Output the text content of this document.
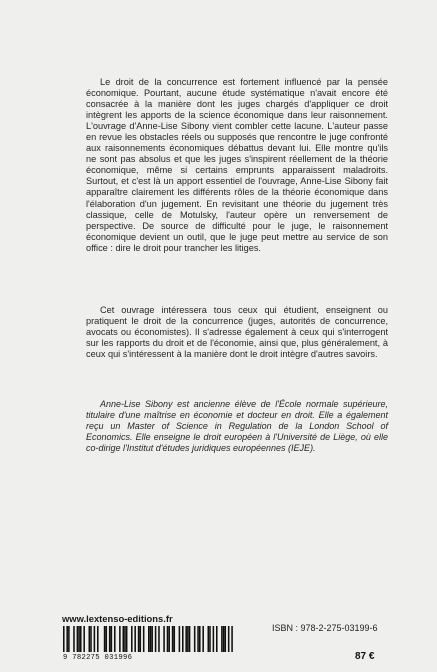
Le droit de la concurrence est fortement influencé par la pensée économique. Pourtant, aucune étude systématique n'avait encore été consacrée à la manière dont les juges chargés d'appliquer ce droit intègrent les apports de la science économique dans leur raisonnement. L'ouvrage d'Anne-Lise Sibony vient combler cette lacune. L'auteur passe en revue les obstacles réels ou supposés que rencontre le juge confronté aux raisonnements économiques débattus devant lui. Elle montre qu'ils ne sont pas absolus et que les juges s'inspirent réellement de la théorie économique, même si certains emprunts apparaissent maladroits. Surtout, et c'est là un apport essentiel de l'ouvrage, Anne-Lise Sibony fait apparaître clairement les différents rôles de la théorie économique dans l'élaboration d'un jugement. En revisitant une théorie du jugement très classique, celle de Motulsky, l'auteur opère un renversement de perspective. De source de difficulté pour le juge, le raisonnement économique devient un outil, que le juge peut mettre au service de son office : dire le droit pour trancher les litiges.

Cet ouvrage intéressera tous ceux qui étudient, enseignent ou pratiquent le droit de la concurrence (juges, autorités de concurrence, avocats ou économistes). Il s'adresse également à ceux qui s'interrogent sur les rapports du droit et de l'économie, ainsi que, plus généralement, à ceux qui s'intéressent à la manière dont le droit intègre d'autres savoirs.

Anne-Lise Sibony est ancienne élève de l'École normale supérieure, titulaire d'une maîtrise en économie et docteur en droit. Elle a également reçu un Master of Science in Regulation de la London School of Economics. Elle enseigne le droit européen à l'Université de Liège, où elle co-dirige l'Institut d'études juridiques européennes (IEJE).

www.lextenso-editions.fr
9 782275 031996
ISBN : 978-2-275-03199-6
87 €
